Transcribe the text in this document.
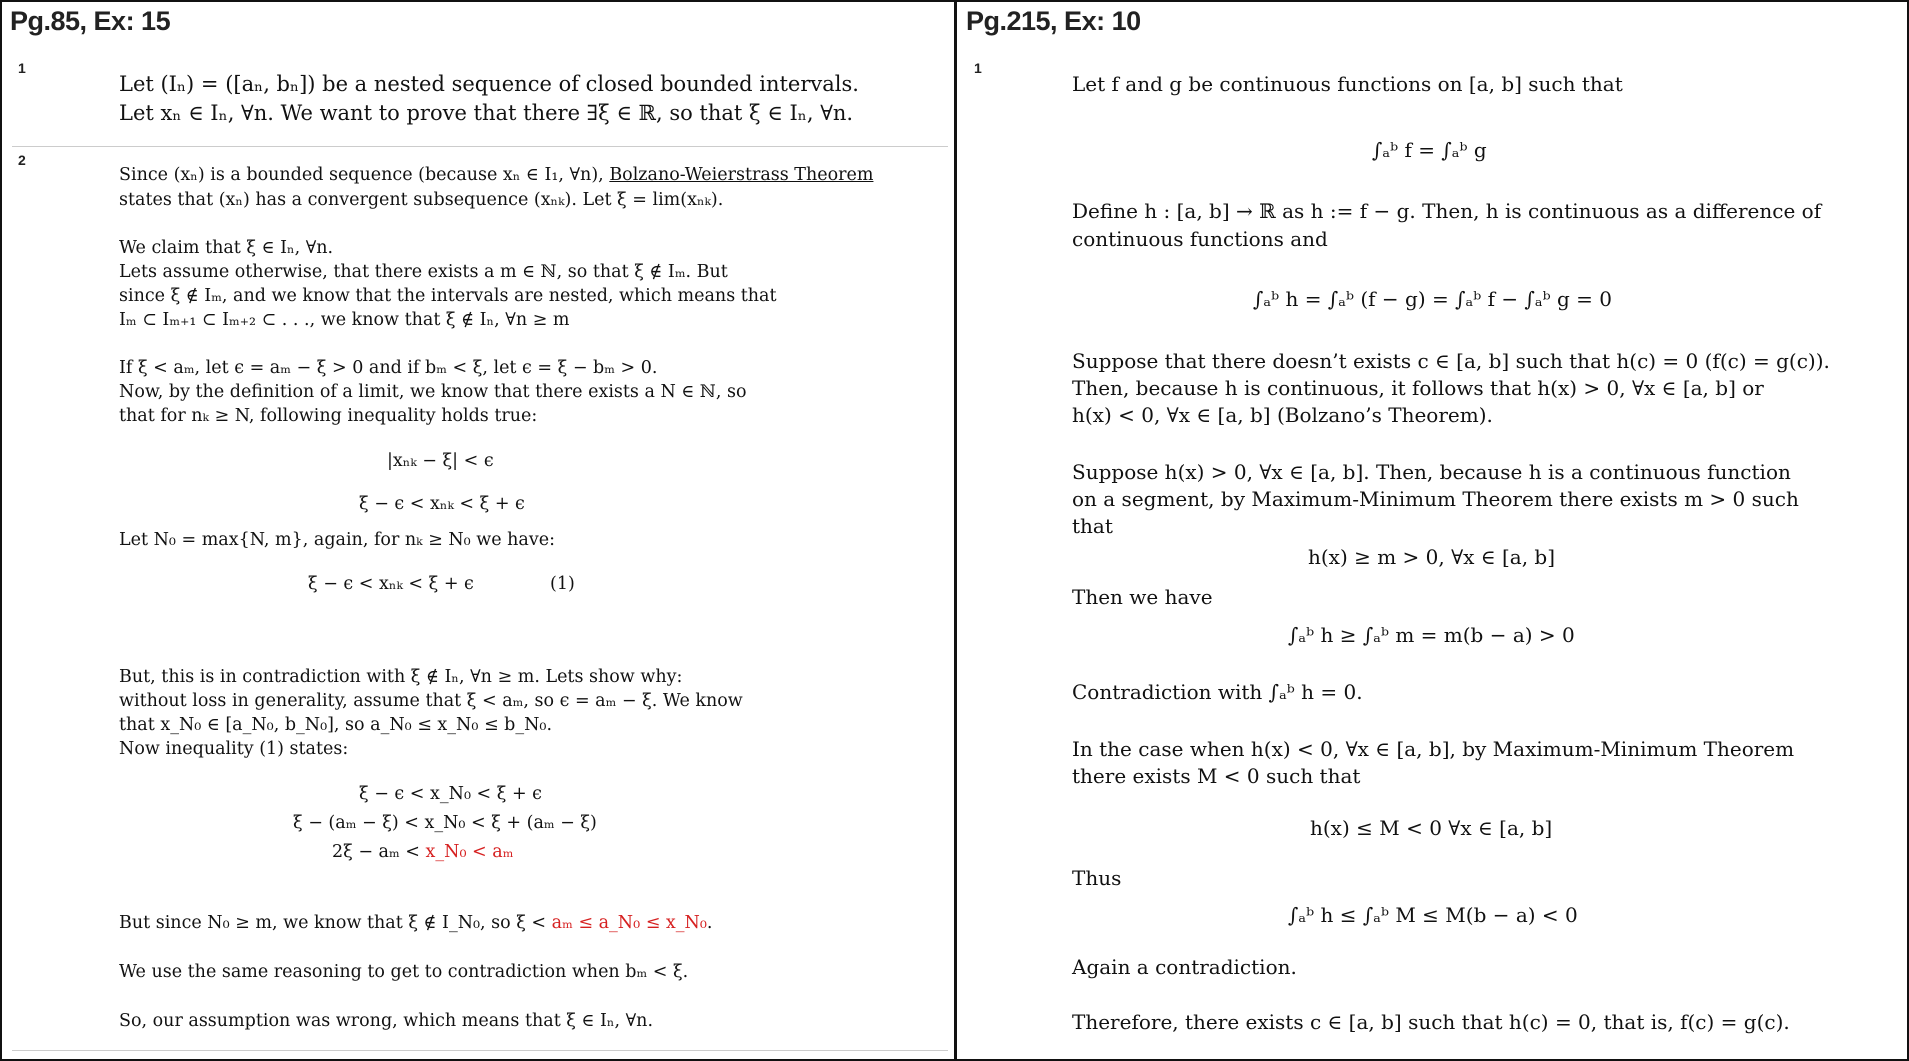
Pg.85, Ex: 15
1
Let (Iₙ) = ([aₙ, bₙ]) be a nested sequence of closed bounded intervals.
Let xₙ ∈ Iₙ, ∀n. We want to prove that there ∃ξ ∈ ℝ, so that ξ ∈ Iₙ, ∀n.
2
Since (xₙ) is a bounded sequence (because xₙ ∈ I₁, ∀n), Bolzano-Weierstrass Theorem
states that (xₙ) has a convergent subsequence (xₙₖ). Let ξ = lim(xₙₖ).
We claim that ξ ∈ Iₙ, ∀n.
Lets assume otherwise, that there exists a m ∈ ℕ, so that ξ ∉ Iₘ. But
since ξ ∉ Iₘ, and we know that the intervals are nested, which means that
Iₘ ⊂ Iₘ₊₁ ⊂ Iₘ₊₂ ⊂ . . ., we know that ξ ∉ Iₙ, ∀n ≥ m
If ξ < aₘ, let ϵ = aₘ − ξ > 0 and if bₘ < ξ, let ϵ = ξ − bₘ > 0.
Now, by the definition of a limit, we know that there exists a N ∈ ℕ, so
that for nₖ ≥ N, following inequality holds true:
|xₙₖ − ξ| < ϵ
ξ − ϵ < xₙₖ < ξ + ϵ
Let N₀ = max{N, m}, again, for nₖ ≥ N₀ we have:
ξ − ϵ < xₙₖ < ξ + ϵ	(1)
But, this is in contradiction with ξ ∉ Iₙ, ∀n ≥ m. Lets show why:
without loss in generality, assume that ξ < aₘ, so ϵ = aₘ − ξ. We know
that x_N₀ ∈ [a_N₀, b_N₀], so a_N₀ ≤ x_N₀ ≤ b_N₀.
Now inequality (1) states:
ξ − ϵ < x_N₀ < ξ + ϵ
ξ − (aₘ − ξ) < x_N₀ < ξ + (aₘ − ξ)
2ξ − aₘ < x_N₀ < aₘ
But since N₀ ≥ m, we know that ξ ∉ I_N₀, so ξ < aₘ ≤ a_N₀ ≤ x_N₀.
We use the same reasoning to get to contradiction when bₘ < ξ.
So, our assumption was wrong, which means that ξ ∈ Iₙ, ∀n.
Pg.215, Ex: 10
1
Let f and g be continuous functions on [a, b] such that
∫ₐᵇ f = ∫ₐᵇ g
Define h : [a, b] → ℝ as h := f − g. Then, h is continuous as a difference of
continuous functions and
∫ₐᵇ h = ∫ₐᵇ (f − g) = ∫ₐᵇ f − ∫ₐᵇ g = 0
Suppose that there doesn’t exists c ∈ [a, b] such that h(c) = 0 (f(c) = g(c)).
Then, because h is continuous, it follows that h(x) > 0, ∀x ∈ [a, b] or
h(x) < 0, ∀x ∈ [a, b] (Bolzano’s Theorem).
Suppose h(x) > 0, ∀x ∈ [a, b]. Then, because h is a continuous function
on a segment, by Maximum-Minimum Theorem there exists m > 0 such
that
h(x) ≥ m > 0, ∀x ∈ [a, b]
Then we have
∫ₐᵇ h ≥ ∫ₐᵇ m = m(b − a) > 0
Contradiction with ∫ₐᵇ h = 0.
In the case when h(x) < 0, ∀x ∈ [a, b], by Maximum-Minimum Theorem
there exists M < 0 such that
h(x) ≤ M < 0 ∀x ∈ [a, b]
Thus
∫ₐᵇ h ≤ ∫ₐᵇ M ≤ M(b − a) < 0
Again a contradiction.
Therefore, there exists c ∈ [a, b] such that h(c) = 0, that is, f(c) = g(c).
